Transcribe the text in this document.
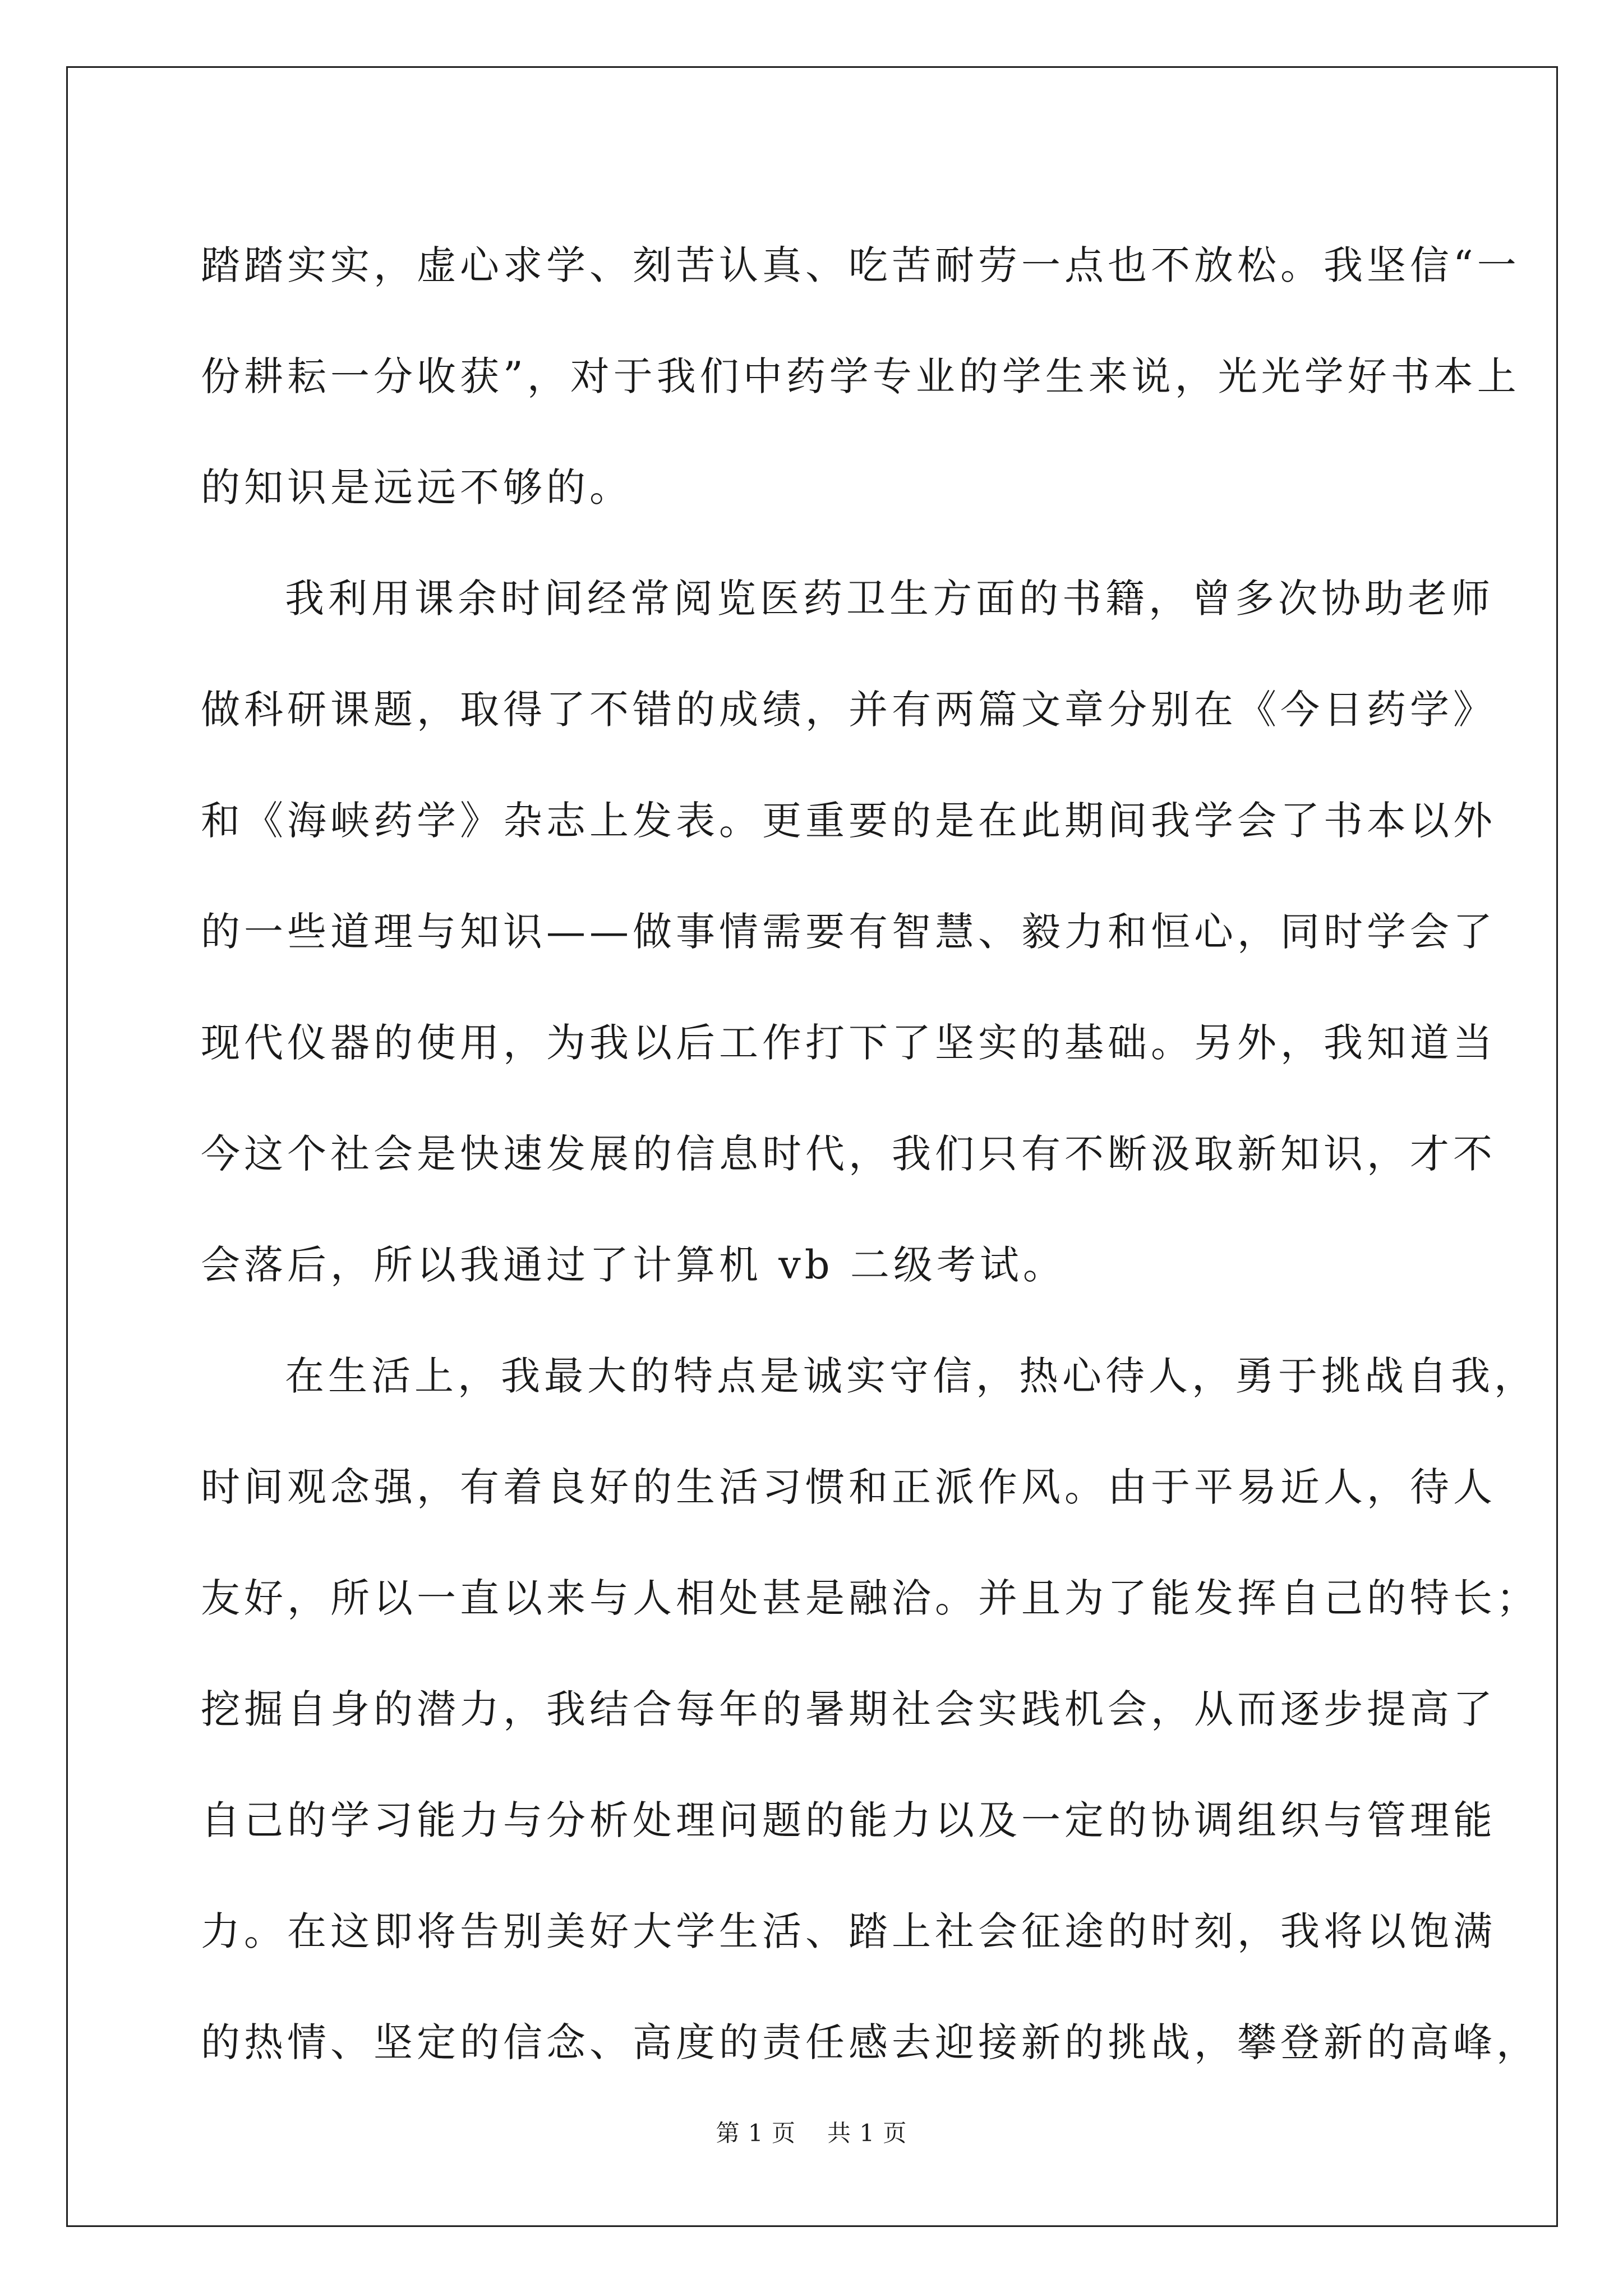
踏踏实实，虚心求学、刻苦认真、吃苦耐劳一点也不放松。我坚信“一
份耕耘一分收获”，对于我们中药学专业的学生来说，光光学好书本上
的知识是远远不够的。
我利用课余时间经常阅览医药卫生方面的书籍，曾多次协助老师
做科研课题，取得了不错的成绩，并有两篇文章分别在《今日药学》
和《海峡药学》杂志上发表。更重要的是在此期间我学会了书本以外
的一些道理与知识——做事情需要有智慧、毅力和恒心，同时学会了
现代仪器的使用，为我以后工作打下了坚实的基础。另外，我知道当
今这个社会是快速发展的信息时代，我们只有不断汲取新知识，才不
会落后，所以我通过了计算机 vb 二级考试。
在生活上，我最大的特点是诚实守信，热心待人，勇于挑战自我，
时间观念强，有着良好的生活习惯和正派作风。由于平易近人，待人
友好，所以一直以来与人相处甚是融洽。并且为了能发挥自己的特长；
挖掘自身的潜力，我结合每年的暑期社会实践机会，从而逐步提高了
自己的学习能力与分析处理问题的能力以及一定的协调组织与管理能
力。在这即将告别美好大学生活、踏上社会征途的时刻，我将以饱满
的热情、坚定的信念、高度的责任感去迎接新的挑战，攀登新的高峰，
第 1 页 共 1 页
